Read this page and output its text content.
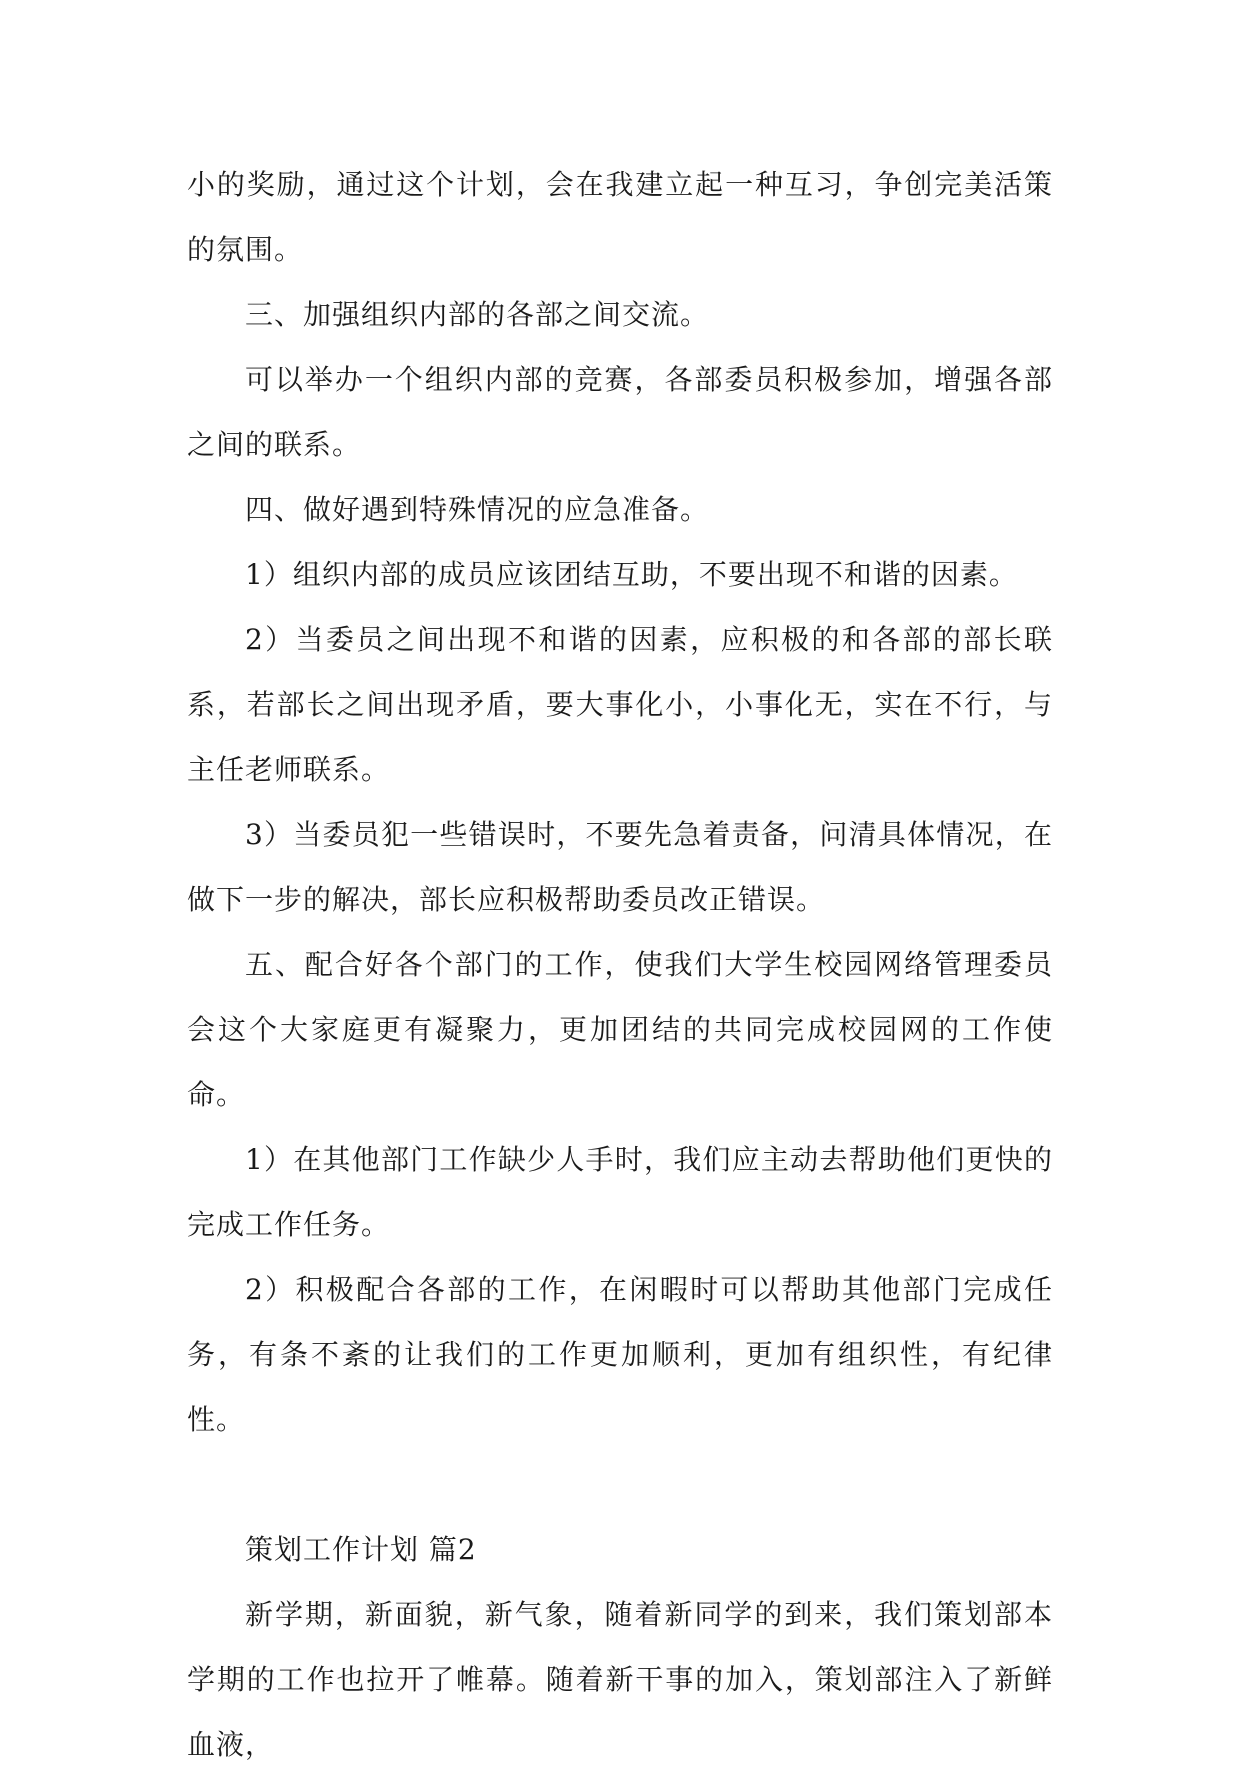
小的奖励，通过这个计划，会在我建立起一种互习，争创完美活策的氛围。

三、加强组织内部的各部之间交流。

可以举办一个组织内部的竞赛，各部委员积极参加，增强各部之间的联系。

四、做好遇到特殊情况的应急准备。

1）组织内部的成员应该团结互助，不要出现不和谐的因素。

2）当委员之间出现不和谐的因素，应积极的和各部的部长联系，若部长之间出现矛盾，要大事化小，小事化无，实在不行，与主任老师联系。

3）当委员犯一些错误时，不要先急着责备，问清具体情况，在做下一步的解决，部长应积极帮助委员改正错误。

五、配合好各个部门的工作，使我们大学生校园网络管理委员会这个大家庭更有凝聚力，更加团结的共同完成校园网的工作使命。

1）在其他部门工作缺少人手时，我们应主动去帮助他们更快的完成工作任务。

2）积极配合各部的工作，在闲暇时可以帮助其他部门完成任务，有条不紊的让我们的工作更加顺利，更加有组织性，有纪律性。

策划工作计划 篇2

新学期，新面貌，新气象，随着新同学的到来，我们策划部本学期的工作也拉开了帷幕。随着新干事的加入，策划部注入了新鲜血液，
